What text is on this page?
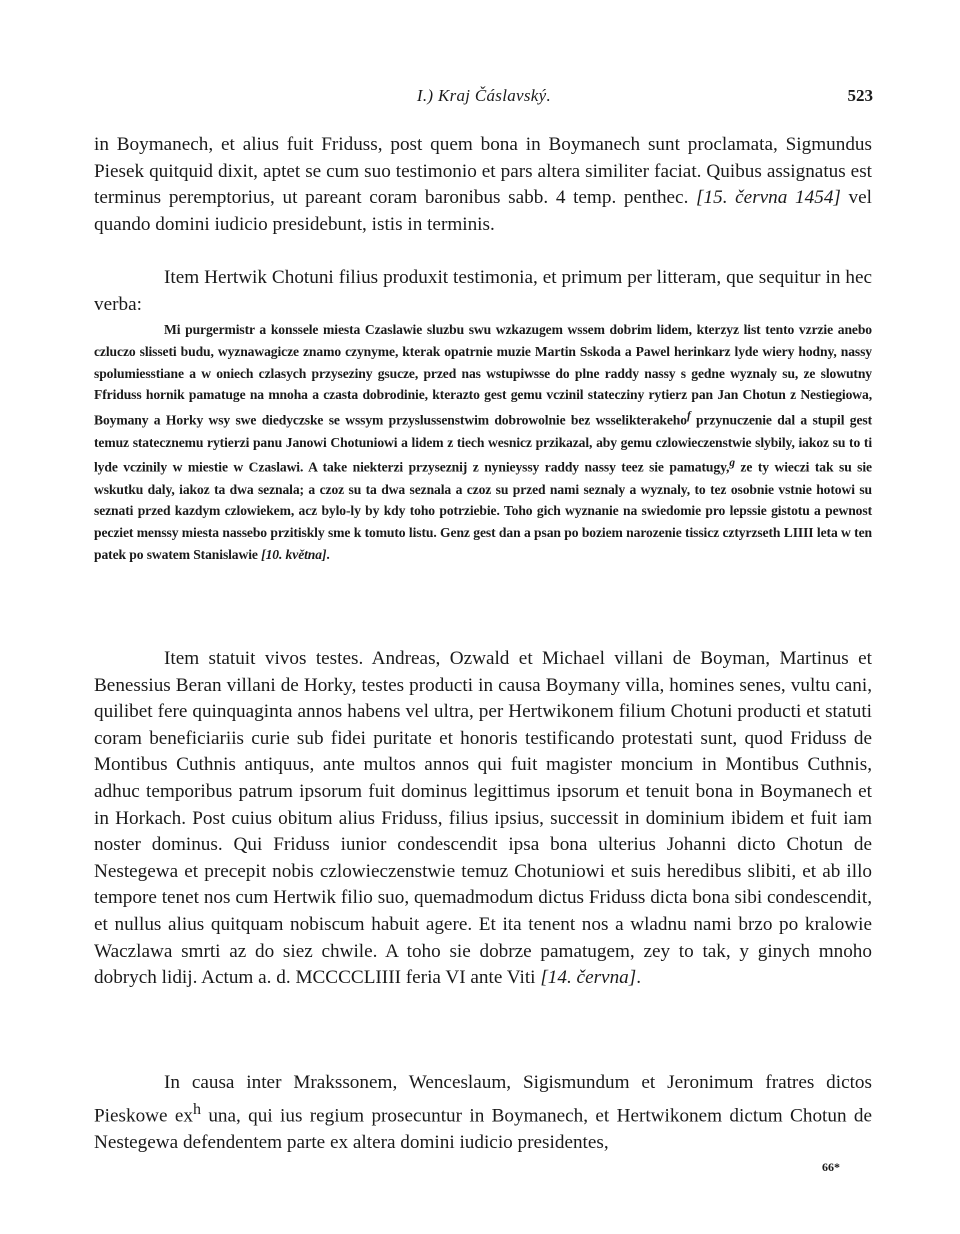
I.) Kraj Čáslavský.	523

in Boymanech, et alius fuit Friduss, post quem bona in Boymanech sunt proclamata, Sigmundus Piesek quitquid dixit, aptet se cum suo testimonio et pars altera similiter faciat. Quibus assignatus est terminus peremptorius, ut pareant coram baronibus sabb. 4 temp. penthec. [15. června 1454] vel quando domini iudicio presidebunt, istis in terminis.

Item Hertwik Chotuni filius produxit testimonia, et primum per litteram, que sequitur in hec verba:

Mi purgermistr a konssele miesta Czaslawie sluzbu swu wzkazugem wssem dobrim lidem, kterzyz list tento vzrzie anebo czluczo slisseti budu, wyznawagicze znamo czynyme, kterak opatrnie muzie Martin Sskoda a Pawel herinkarz lyde wiery hodny, nassy spolumiesstiane a w oniech czlasych przyseziny gsucze, przed nas wstupiwsse do plne raddy nassy s gedne wyznaly su, ze slowutny Ffriduss hornik pamatuge na mnoha a czasta dobrodinie, kterazto gest gemu vczinil statecziny rytierz pan Jan Chotun z Nestiegiowa, Boymany a Horky wsy swe diedyczske se wssym przyslussenstwim dobrowolnie bez wsselikterakeho$^f$ przynuczenie dal a stupil gest temuz statecznemu rytierzi panu Janowi Chotuniowi a lidem z tiech wesnicz przikazal, aby gemu czlowieczenstwie slybily, iakoz su to ti lyde vczinily w miestie w Czaslawi. A take niekterzi przyseznij z nynieyssy raddy nassy teez sie pamatugy,$^g$ ze ty wieczi tak su sie wskutku daly, iakoz ta dwa seznala; a czoz su ta dwa seznala a czoz su przed nami seznaly a wyznaly, to tez osobnie vstnie hotowi su seznati przed kazdym czlowiekem, acz bylo-ly by kdy toho potrziebie. Toho gich wyznanie na swiedomie pro lepssie gistotu a pewnost pecziet menssy miesta nassebo przitiskly sme k tomuto listu. Genz gest dan a psan po boziem narozenie tissicz cztyrzseth LIIII leta w ten patek po swatem Stanislawie [10. května].

Item statuit vivos testes. Andreas, Ozwald et Michael villani de Boyman, Martinus et Benessius Beran villani de Horky, testes producti in causa Boymany villa, homines senes, vultu cani, quilibet fere quinquaginta annos habens vel ultra, per Hertwikonem filium Chotuni producti et statuti coram beneficiariis curie sub fidei puritate et honoris testificando protestati sunt, quod Friduss de Montibus Cuthnis antiquus, ante multos annos qui fuit magister moncium in Montibus Cuthnis, adhuc temporibus patrum ipsorum fuit dominus legittimus ipsorum et tenuit bona in Boymanech et in Horkach. Post cuius obitum alius Friduss, filius ipsius, successit in dominium ibidem et fuit iam noster dominus. Qui Friduss iunior condescendit ipsa bona ulterius Johanni dicto Chotun de Nestegewa et precepit nobis czlowieczenstwie temuz Chotuniowi et suis heredibus slibiti, et ab illo tempore tenet nos cum Hertwik filio suo, quemadmodum dictus Friduss dicta bona sibi condescendit, et nullus alius quitquam nobiscum habuit agere. Et ita tenent nos a wladnu nami brzo po kralowie Waczlawa smrti az do siez chwile. A toho sie dobrze pamatugem, zey to tak, y ginych mnoho dobrych lidij. Actum a. d. MCCCCLIIII feria VI ante Viti [14. června].

In causa inter Mrakssonem, Wenceslaum, Sigismundum et Jeronimum fratres dictos Pieskowe $ex^h$ una, qui ius regium prosecuntur in Boymanech, et Hertwikonem dictum Chotun de Nestegewa defendentem parte ex altera domini iudicio presidentes,

66*
